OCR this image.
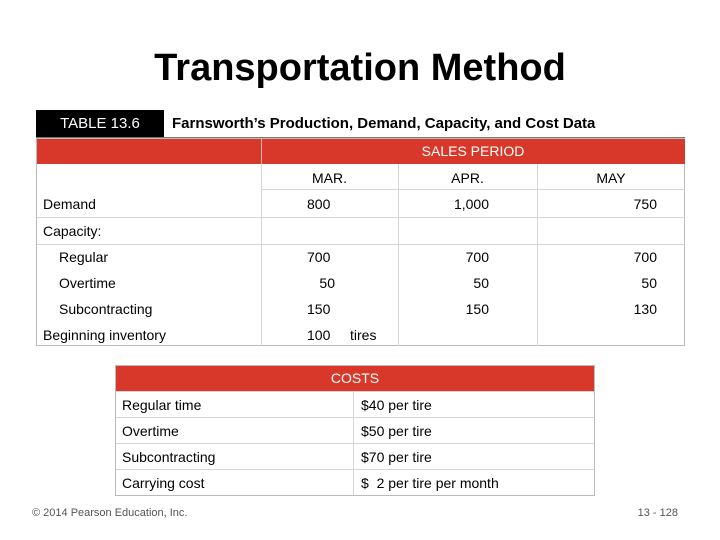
Transportation Method
TABLE 13.6	Farnsworth’s Production, Demand, Capacity, and Cost Data
SALES PERIOD
MAR.	APR.	MAY
Demand	800	1,000	750
Capacity:
Regular	700	700	700
Overtime	50	50	50
Subcontracting	150	150	130
Beginning inventory	100 tires
COSTS
Regular time	$40 per tire
Overtime	$50 per tire
Subcontracting	$70 per tire
Carrying cost	$  2 per tire per month
© 2014 Pearson Education, Inc.	13 - 128
